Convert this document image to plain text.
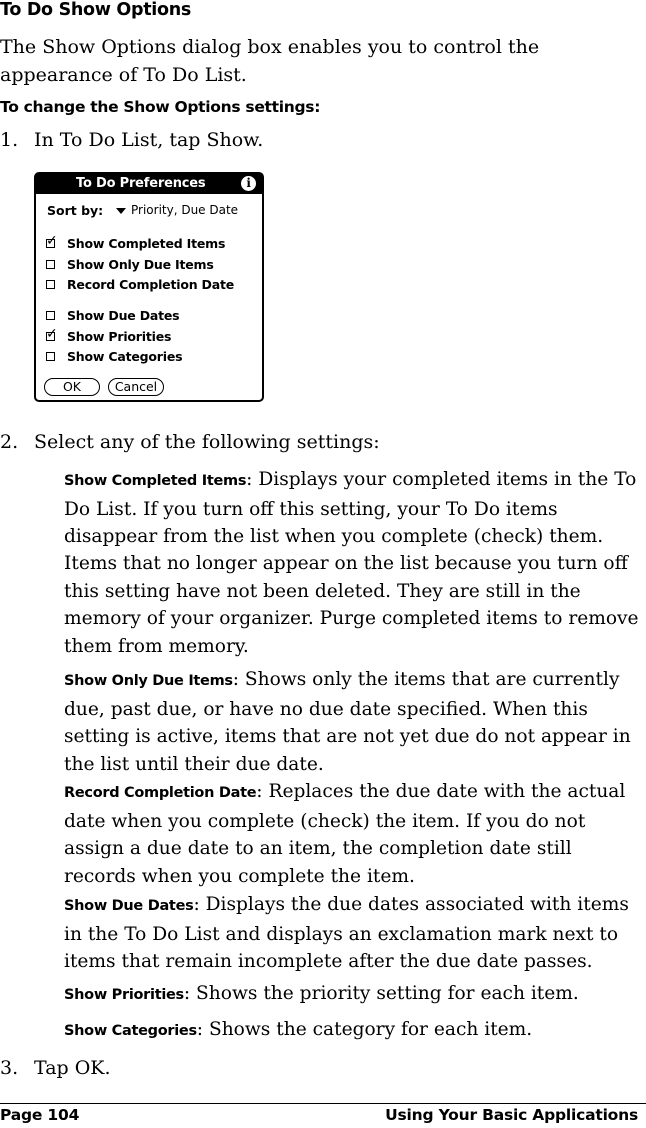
To Do Show Options
The Show Options dialog box enables you to control the appearance of To Do List.
To change the Show Options settings:
1. In To Do List, tap Show.
To Do Preferences	i
Sort by: Priority, Due Date
✓ Show Completed Items
Show Only Due Items
Record Completion Date
Show Due Dates
✓ Show Priorities
Show Categories
OK	Cancel
2. Select any of the following settings:
Show Completed Items: Displays your completed items in the To Do List. If you turn off this setting, your To Do items disappear from the list when you complete (check) them.
Items that no longer appear on the list because you turn off this setting have not been deleted. They are still in the memory of your organizer. Purge completed items to remove them from memory.
Show Only Due Items: Shows only the items that are currently due, past due, or have no due date specified. When this setting is active, items that are not yet due do not appear in the list until their due date.
Record Completion Date: Replaces the due date with the actual date when you complete (check) the item. If you do not assign a due date to an item, the completion date still records when you complete the item.
Show Due Dates: Displays the due dates associated with items in the To Do List and displays an exclamation mark next to items that remain incomplete after the due date passes.
Show Priorities: Shows the priority setting for each item.
Show Categories: Shows the category for each item.
3. Tap OK.
Page 104	Using Your Basic Applications
